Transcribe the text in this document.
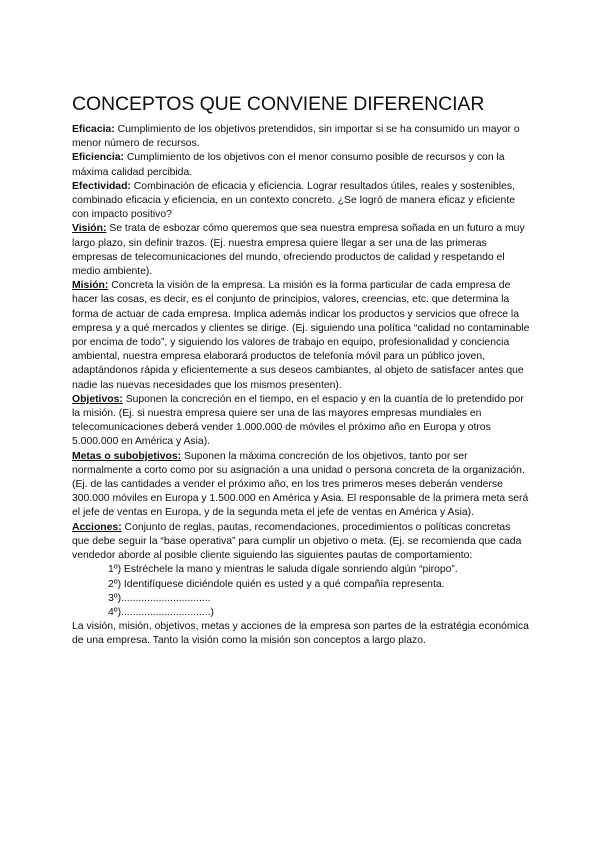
CONCEPTOS QUE CONVIENE DIFERENCIAR

Eficacia: Cumplimiento de los objetivos pretendidos, sin importar si se ha consumido un mayor o menor número de recursos.

Eficiencia: Cumplimiento de los objetivos con el menor consumo posible de recursos y con la máxima calidad percibida.

Efectividad: Combinación de eficacia y eficiencia. Lograr resultados útiles, reales y sostenibles, combinado eficacia y eficiencia, en un contexto concreto. ¿Se logró de manera eficaz y eficiente con impacto positivo?

Visión: Se trata de esbozar cómo queremos que sea nuestra empresa soñada en un futuro a muy largo plazo, sin definir trazos. (Ej. nuestra empresa quiere llegar a ser una de las primeras empresas de telecomunicaciones del mundo, ofreciendo productos de calidad y respetando el medio ambiente).

Misión: Concreta la visión de la empresa. La misión es la forma particular de cada empresa de hacer las cosas, es decir, es el conjunto de principios, valores, creencias, etc. que determina la forma de actuar de cada empresa. Implica además indicar los productos y servicios que ofrece la empresa y a qué mercados y clientes se dirige. (Ej. siguiendo una política “calidad no contaminable por encima de todo”, y siguiendo los valores de trabajo en equipo, profesionalidad y conciencia ambiental, nuestra empresa elaborará productos de telefonía móvil para un público joven, adaptándonos rápida y eficientemente a sus deseos cambiantes, al objeto de satisfacer antes que nadie las nuevas necesidades que los mismos presenten).

Objetivos: Suponen la concreción en el tiempo, en el espacio y en la cuantía de lo pretendido por la misión. (Ej. si nuestra empresa quiere ser una de las mayores empresas mundiales en telecomunicaciones deberá vender 1.000.000 de móviles el próximo año en Europa y otros 5.000.000 en América y Asia).

Metas o subobjetivos: Suponen la máxima concreción de los objetivos, tanto por ser normalmente a corto como por su asignación a una unidad o persona concreta de la organización. (Ej. de las cantidades a vender el próximo año, en los tres primeros meses deberán venderse 300.000 móviles en Europa y 1.500.000 en América y Asia. El responsable de la primera meta será el jefe de ventas en Europa, y de la segunda meta el jefe de ventas en América y Asia).

Acciones: Conjunto de reglas, pautas, recomendaciones, procedimientos o políticas concretas que debe seguir la “base operativa” para cumplir un objetivo o meta. (Ej. se recomienda que cada vendedor aborde al posible cliente siguiendo las siguientes pautas de comportamiento:

1º) Estréchele la mano y mientras le saluda dígale sonriendo algún “piropo”.

2º) Identifíquese diciéndole quién es usted y a qué compañía representa.

3º)...............................

4º)...............................)

La visión, misión, objetivos, metas y acciones de la empresa son partes de la estratégia económica de una empresa. Tanto la visión como la misión son conceptos a largo plazo.
